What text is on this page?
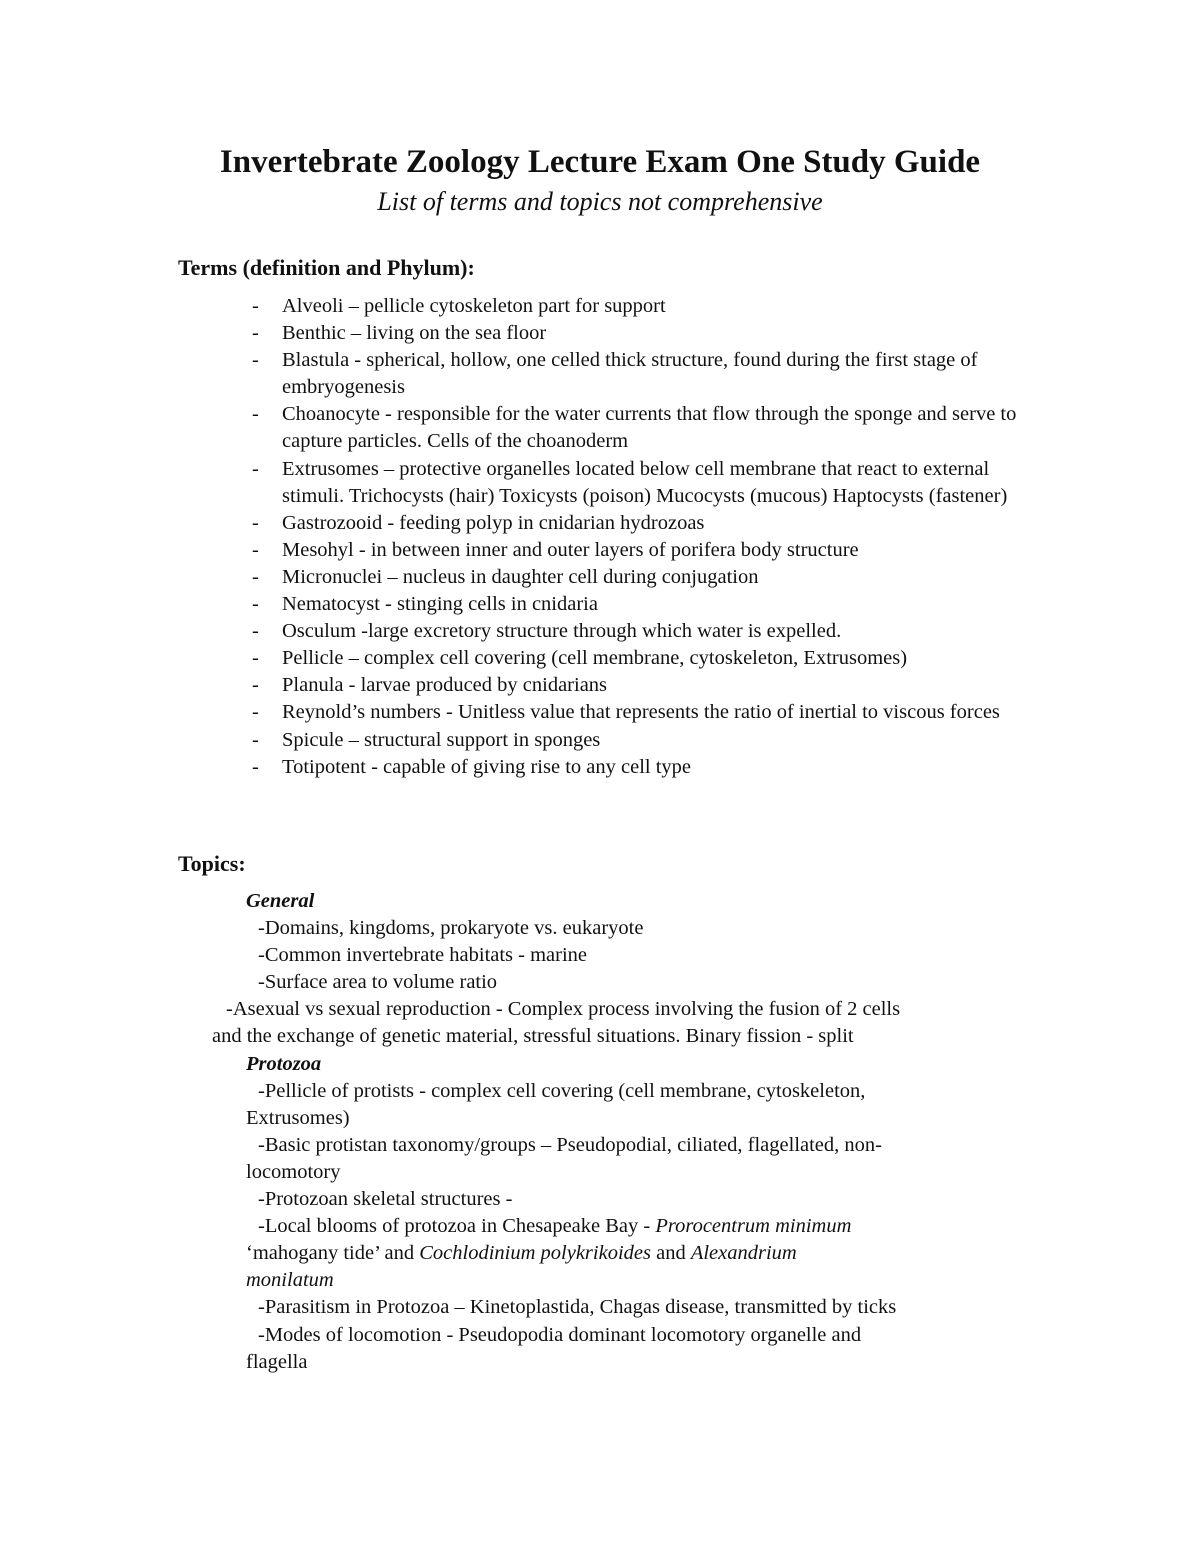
Invertebrate Zoology Lecture Exam One Study Guide
List of terms and topics not comprehensive
Terms (definition and Phylum):
- Alveoli – pellicle cytoskeleton part for support
- Benthic – living on the sea floor
- Blastula - spherical, hollow, one celled thick structure, found during the first stage of embryogenesis
- Choanocyte - responsible for the water currents that flow through the sponge and serve to capture particles. Cells of the choanoderm
- Extrusomes – protective organelles located below cell membrane that react to external stimuli. Trichocysts (hair) Toxicysts (poison) Mucocysts (mucous) Haptocysts (fastener)
- Gastrozooid - feeding polyp in cnidarian hydrozoas
- Mesohyl - in between inner and outer layers of porifera body structure
- Micronuclei – nucleus in daughter cell during conjugation
- Nematocyst - stinging cells in cnidaria
- Osculum -large excretory structure through which water is expelled.
- Pellicle – complex cell covering (cell membrane, cytoskeleton, Extrusomes)
- Planula - larvae produced by cnidarians
- Reynold’s numbers - Unitless value that represents the ratio of inertial to viscous forces
- Spicule – structural support in sponges
- Totipotent - capable of giving rise to any cell type
Topics:
General
-Domains, kingdoms, prokaryote vs. eukaryote
-Common invertebrate habitats - marine
-Surface area to volume ratio
-Asexual vs sexual reproduction - Complex process involving the fusion of 2 cells
and the exchange of genetic material, stressful situations. Binary fission - split
Protozoa
-Pellicle of protists - complex cell covering (cell membrane, cytoskeleton,
Extrusomes)
-Basic protistan taxonomy/groups – Pseudopodial, ciliated, flagellated, non-
locomotory
-Protozoan skeletal structures -
-Local blooms of protozoa in Chesapeake Bay - Prorocentrum minimum
‘mahogany tide’ and Cochlodinium polykrikoides and Alexandrium
monilatum
-Parasitism in Protozoa – Kinetoplastida, Chagas disease, transmitted by ticks
-Modes of locomotion - Pseudopodia dominant locomotory organelle and
flagella
